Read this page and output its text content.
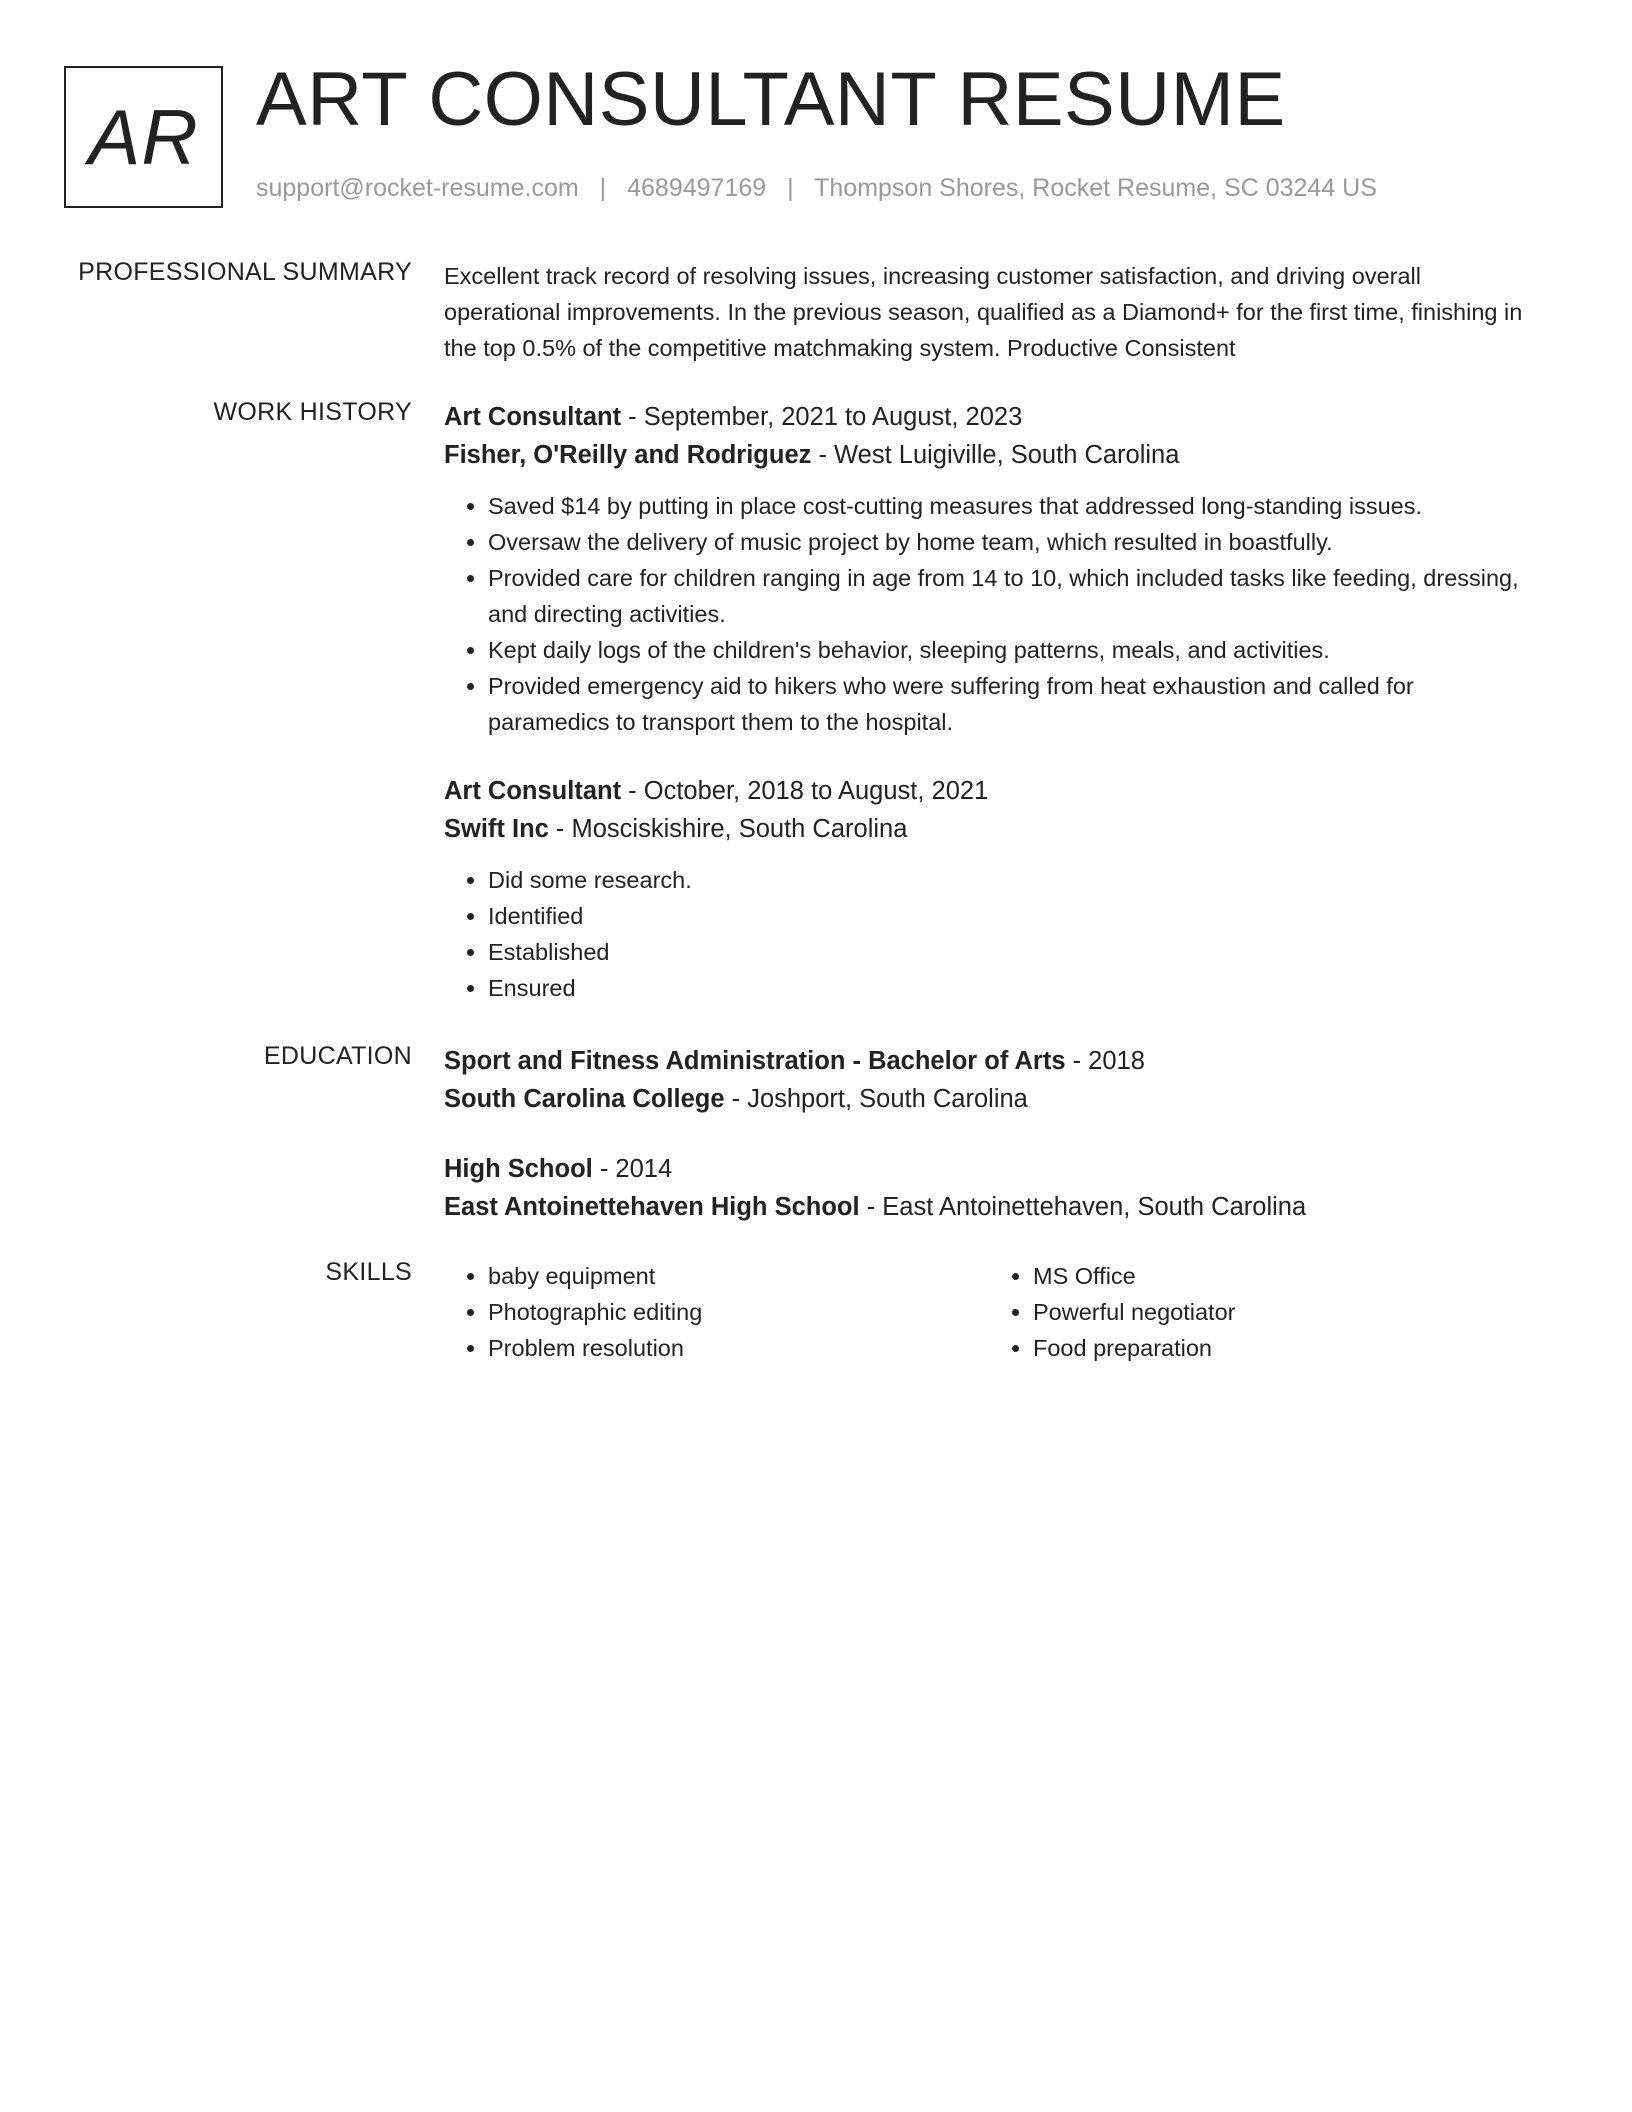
AR ART CONSULTANT RESUME
support@rocket-resume.com | 4689497169 | Thompson Shores, Rocket Resume, SC 03244 US
PROFESSIONAL SUMMARY Excellent track record of resolving issues, increasing customer satisfaction, and driving overall operational improvements. In the previous season, qualified as a Diamond+ for the first time, finishing in the top 0.5% of the competitive matchmaking system. Productive Consistent

WORK HISTORY Art Consultant - September, 2021 to August, 2023

Fisher, O'Reilly and Rodriguez - West Luigiville, South Carolina

• Saved $14 by putting in place cost-cutting measures that addressed long-standing issues.
• Oversaw the delivery of music project by home team, which resulted in boastfully.
• Provided care for children ranging in age from 14 to 10, which included tasks like feeding, dressing, and directing activities.
• Kept daily logs of the children's behavior, sleeping patterns, meals, and activities.
• Provided emergency aid to hikers who were suffering from heat exhaustion and called for paramedics to transport them to the hospital.

Art Consultant - October, 2018 to August, 2021

Swift Inc - Mosciskishire, South Carolina

• Did some research.
• Identified
• Established
• Ensured
EDUCATION Sport and Fitness Administration - Bachelor of Arts - 2018

South Carolina College - Joshport, South Carolina

High School - 2014

East Antoinettehaven High School - East Antoinettehaven, South Carolina

SKILLS
•	baby equipment
• Photographic editing
• Problem resolution
• MS Office
• Powerful negotiator
• Food preparation
